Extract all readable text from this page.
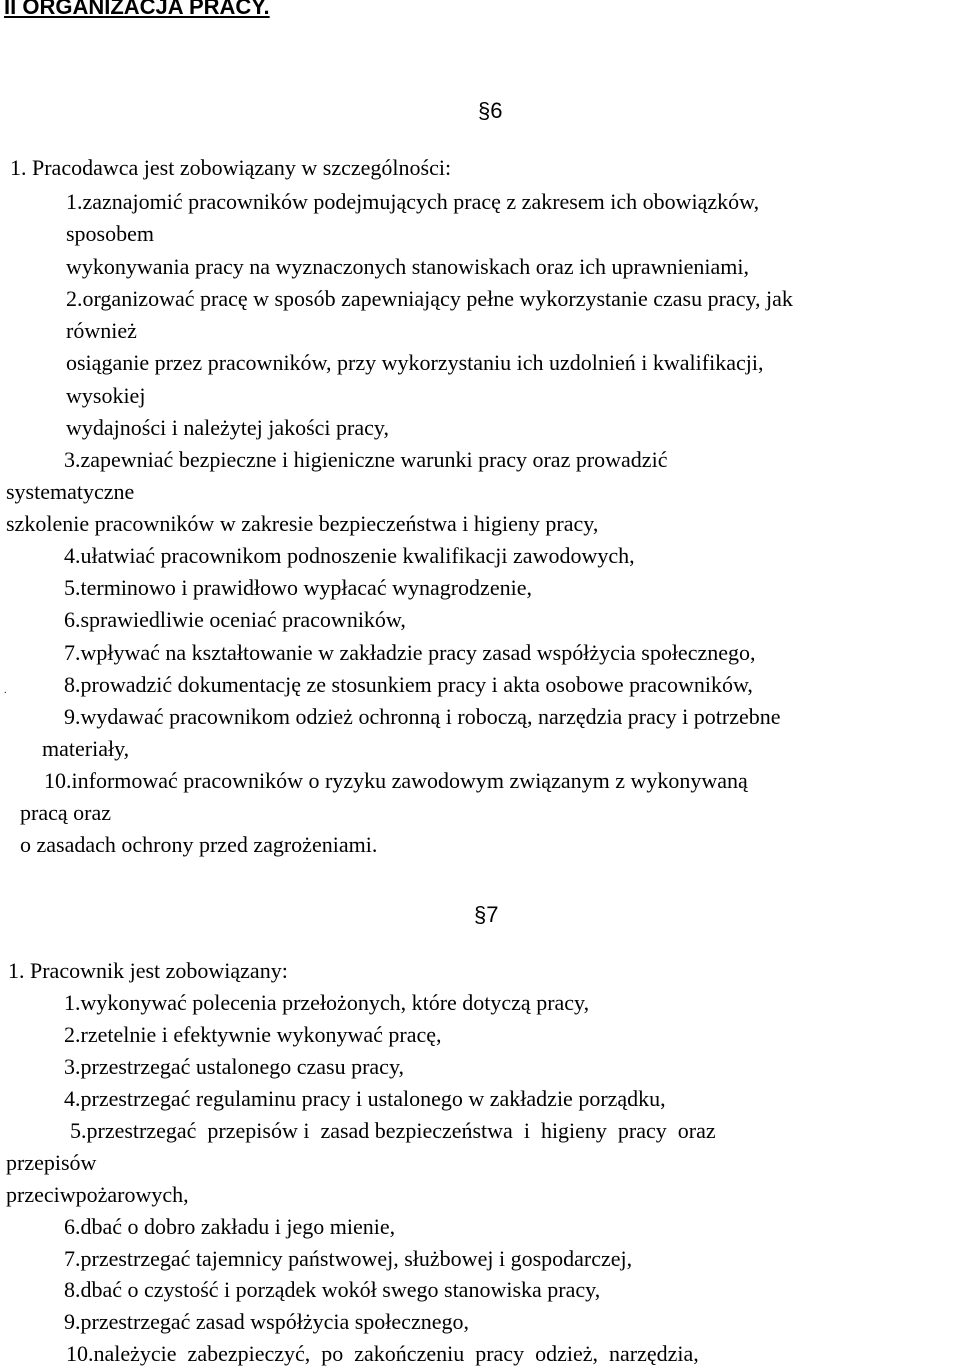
II ORGANIZACJA PRACY.

§6

1. Pracodawca jest zobowiązany w szczególności:

1.zaznajomić pracowników podejmujących pracę z zakresem ich obowiązków,

sposobem

wykonywania pracy na wyznaczonych stanowiskach oraz ich uprawnieniami,

2.organizować pracę w sposób zapewniający pełne wykorzystanie czasu pracy, jak

również

osiąganie przez pracowników, przy wykorzystaniu ich uzdolnień i kwalifikacji,

wysokiej

wydajności i należytej jakości pracy,

3.zapewniać bezpieczne i higieniczne warunki pracy oraz prowadzić

systematyczne

szkolenie pracowników w zakresie bezpieczeństwa i higieny pracy,

4.ułatwiać pracownikom podnoszenie kwalifikacji zawodowych,

5.terminowo i prawidłowo wypłacać wynagrodzenie,

6.sprawiedliwie oceniać pracowników,

7.wpływać na kształtowanie w zakładzie pracy zasad współżycia społecznego,

8.prowadzić dokumentację ze stosunkiem pracy i akta osobowe pracowników,

9.wydawać pracownikom odzież ochronną i roboczą, narzędzia pracy i potrzebne

materiały,

10.informować pracowników o ryzyku zawodowym związanym z wykonywaną

pracą oraz

o zasadach ochrony przed zagrożeniami.

.

§7

1. Pracownik jest zobowiązany:

1.wykonywać polecenia przełożonych, które dotyczą pracy,

2.rzetelnie i efektywnie wykonywać pracę,

3.przestrzegać ustalonego czasu pracy,

4.przestrzegać regulaminu pracy i ustalonego w zakładzie porządku,

5.przestrzegać  przepisów i  zasad bezpieczeństwa  i  higieny  pracy  oraz

przepisów

przeciwpożarowych,

6.dbać o dobro zakładu i jego mienie,

7.przestrzegać tajemnicy państwowej, służbowej i gospodarczej,

8.dbać o czystość i porządek wokół swego stanowiska pracy,

9.przestrzegać zasad współżycia społecznego,

10.należycie  zabezpieczyć,  po  zakończeniu  pracy  odzież,  narzędzia,
